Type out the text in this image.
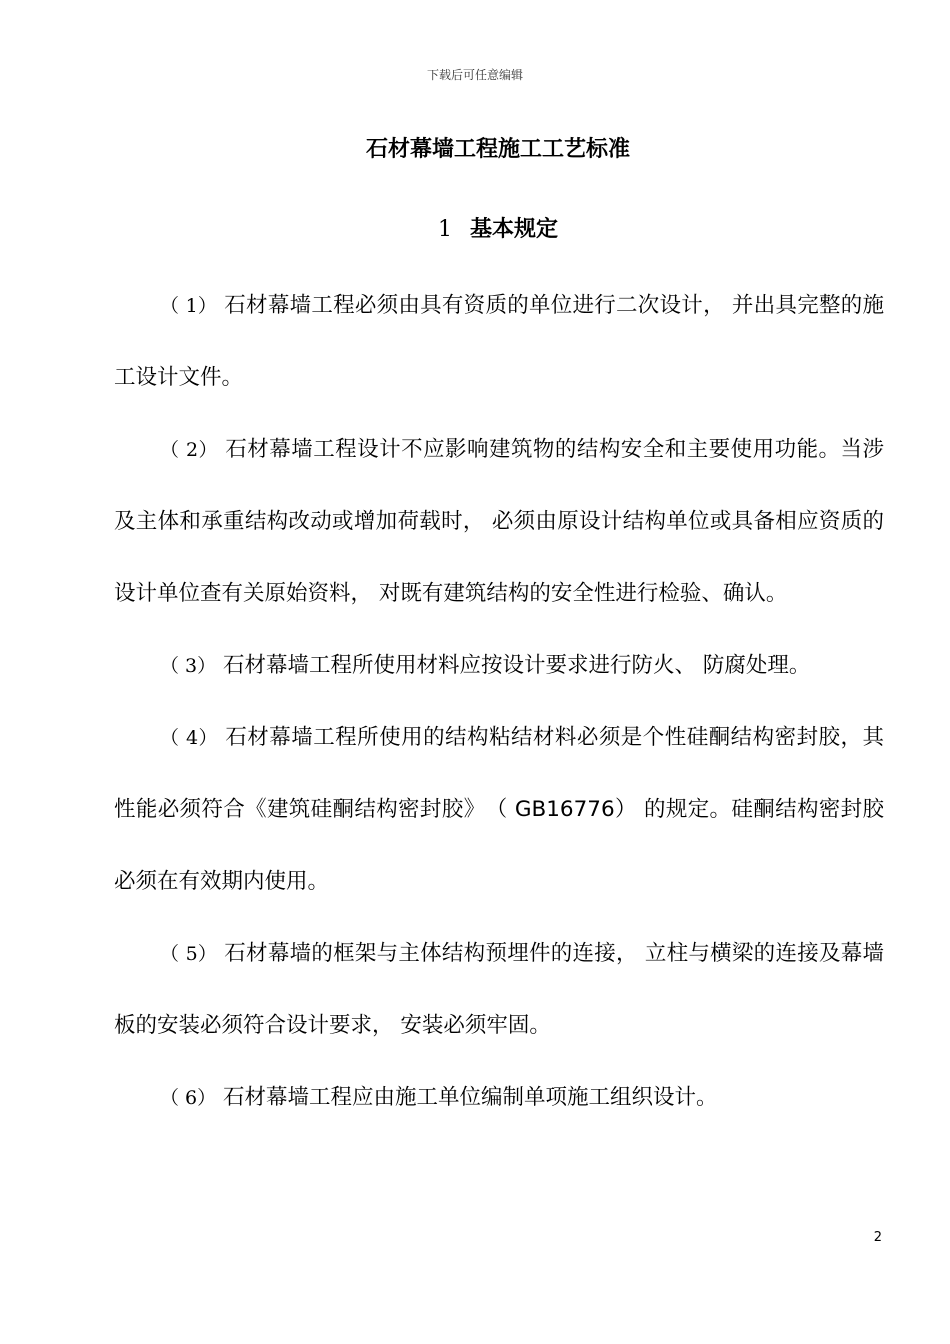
下载后可任意编辑
石材幕墙工程施工工艺标准
1 基本规定

（ 1） 石材幕墙工程必须由具有资质的单位进行二次设计， 并出具完整的施工设计文件。

（ 2） 石材幕墙工程设计不应影响建筑物的结构安全和主要使用功能。当涉及主体和承重结构改动或增加荷载时， 必须由原设计结构单位或具备相应资质的设计单位查有关原始资料， 对既有建筑结构的安全性进行检验、确认。

（ 3） 石材幕墙工程所使用材料应按设计要求进行防火、 防腐处理。

（ 4） 石材幕墙工程所使用的结构粘结材料必须是个性硅酮结构密封胶，其性能必须符合《建筑硅酮结构密封胶》　（ GB16776） 的规定。硅酮结构密封胶必须在有效期内使用。

（ 5） 石材幕墙的框架与主体结构预埋件的连接， 立柱与横梁的连接及幕墙板的安装必须符合设计要求， 安装必须牢固。

（ 6） 石材幕墙工程应由施工单位编制单项施工组织设计。

2
